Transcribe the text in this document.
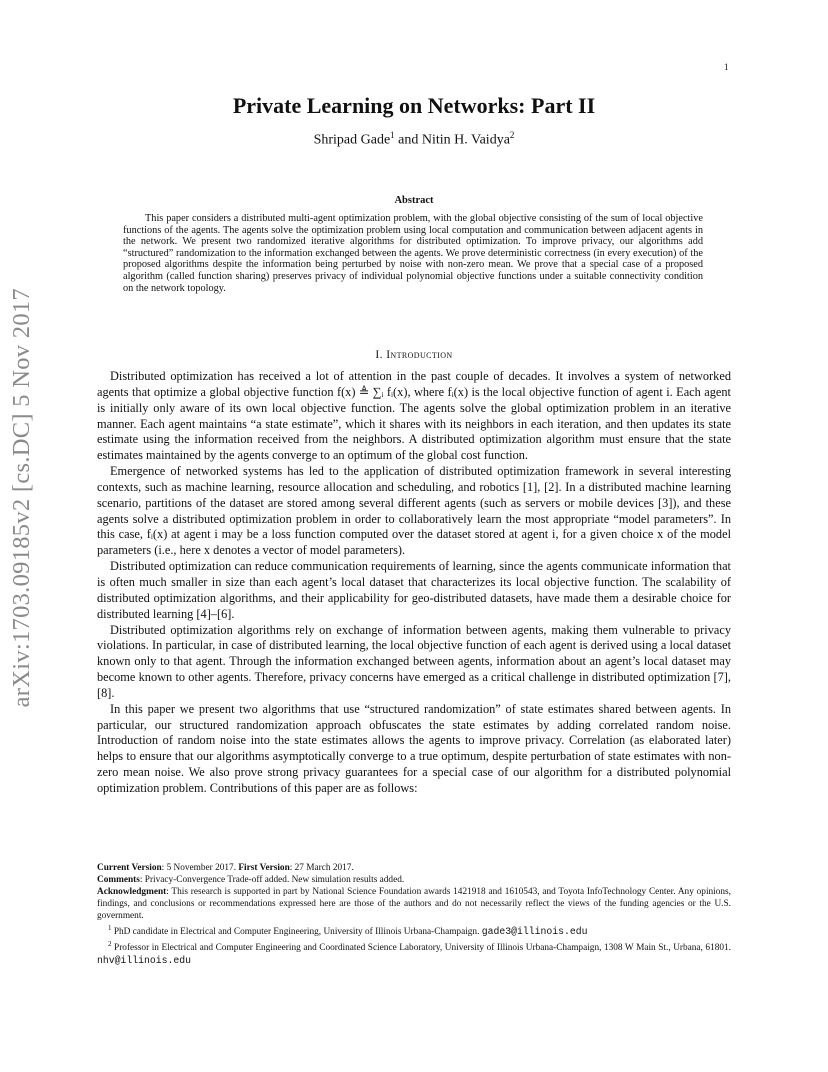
1
arXiv:1703.09185v2 [cs.DC] 5 Nov 2017
Private Learning on Networks: Part II
Shripad Gade$^1$ and Nitin H. Vaidya$^2$
Abstract

This paper considers a distributed multi-agent optimization problem, with the global objective consisting of the sum of local objective functions of the agents. The agents solve the optimization problem using local computation and communication between adjacent agents in the network. We present two randomized iterative algorithms for distributed optimization. To improve privacy, our algorithms add “structured” randomization to the information exchanged between the agents. We prove deterministic correctness (in every execution) of the proposed algorithms despite the information being perturbed by noise with non-zero mean. We prove that a special case of a proposed algorithm (called function sharing) preserves privacy of individual polynomial objective functions under a suitable connectivity condition on the network topology.

I. Introduction

Distributed optimization has received a lot of attention in the past couple of decades. It involves a system of networked agents that optimize a global objective function f(x) ≜ ∑ᵢ fᵢ(x), where fᵢ(x) is the local objective function of agent i. Each agent is initially only aware of its own local objective function. The agents solve the global optimization problem in an iterative manner. Each agent maintains “a state estimate”, which it shares with its neighbors in each iteration, and then updates its state estimate using the information received from the neighbors. A distributed optimization algorithm must ensure that the state estimates maintained by the agents converge to an optimum of the global cost function.

Emergence of networked systems has led to the application of distributed optimization framework in several interesting contexts, such as machine learning, resource allocation and scheduling, and robotics [1], [2]. In a distributed machine learning scenario, partitions of the dataset are stored among several different agents (such as servers or mobile devices [3]), and these agents solve a distributed optimization problem in order to collaboratively learn the most appropriate “model parameters”. In this case, fᵢ(x) at agent i may be a loss function computed over the dataset stored at agent i, for a given choice x of the model parameters (i.e., here x denotes a vector of model parameters).

Distributed optimization can reduce communication requirements of learning, since the agents communicate information that is often much smaller in size than each agent’s local dataset that characterizes its local objective function. The scalability of distributed optimization algorithms, and their applicability for geo-distributed datasets, have made them a desirable choice for distributed learning [4]–[6].

Distributed optimization algorithms rely on exchange of information between agents, making them vulnerable to privacy violations. In particular, in case of distributed learning, the local objective function of each agent is derived using a local dataset known only to that agent. Through the information exchanged between agents, information about an agent’s local dataset may become known to other agents. Therefore, privacy concerns have emerged as a critical challenge in distributed optimization [7], [8].

In this paper we present two algorithms that use “structured randomization” of state estimates shared between agents. In particular, our structured randomization approach obfuscates the state estimates by adding correlated random noise. Introduction of random noise into the state estimates allows the agents to improve privacy. Correlation (as elaborated later) helps to ensure that our algorithms asymptotically converge to a true optimum, despite perturbation of state estimates with non-zero mean noise. We also prove strong privacy guarantees for a special case of our algorithm for a distributed polynomial optimization problem. Contributions of this paper are as follows:

Current Version: 5 November 2017. First Version: 27 March 2017.

Comments: Privacy-Convergence Trade-off added. New simulation results added.

Acknowledgment: This research is supported in part by National Science Foundation awards 1421918 and 1610543, and Toyota InfoTechnology Center. Any opinions, findings, and conclusions or recommendations expressed here are those of the authors and do not necessarily reflect the views of the funding agencies or the U.S. government.

$^1$ PhD candidate in Electrical and Computer Engineering, University of Illinois Urbana-Champaign. gade3@illinois.edu

$^2$ Professor in Electrical and Computer Engineering and Coordinated Science Laboratory, University of Illinois Urbana-Champaign, 1308 W Main St., Urbana, 61801. nhv@illinois.edu
